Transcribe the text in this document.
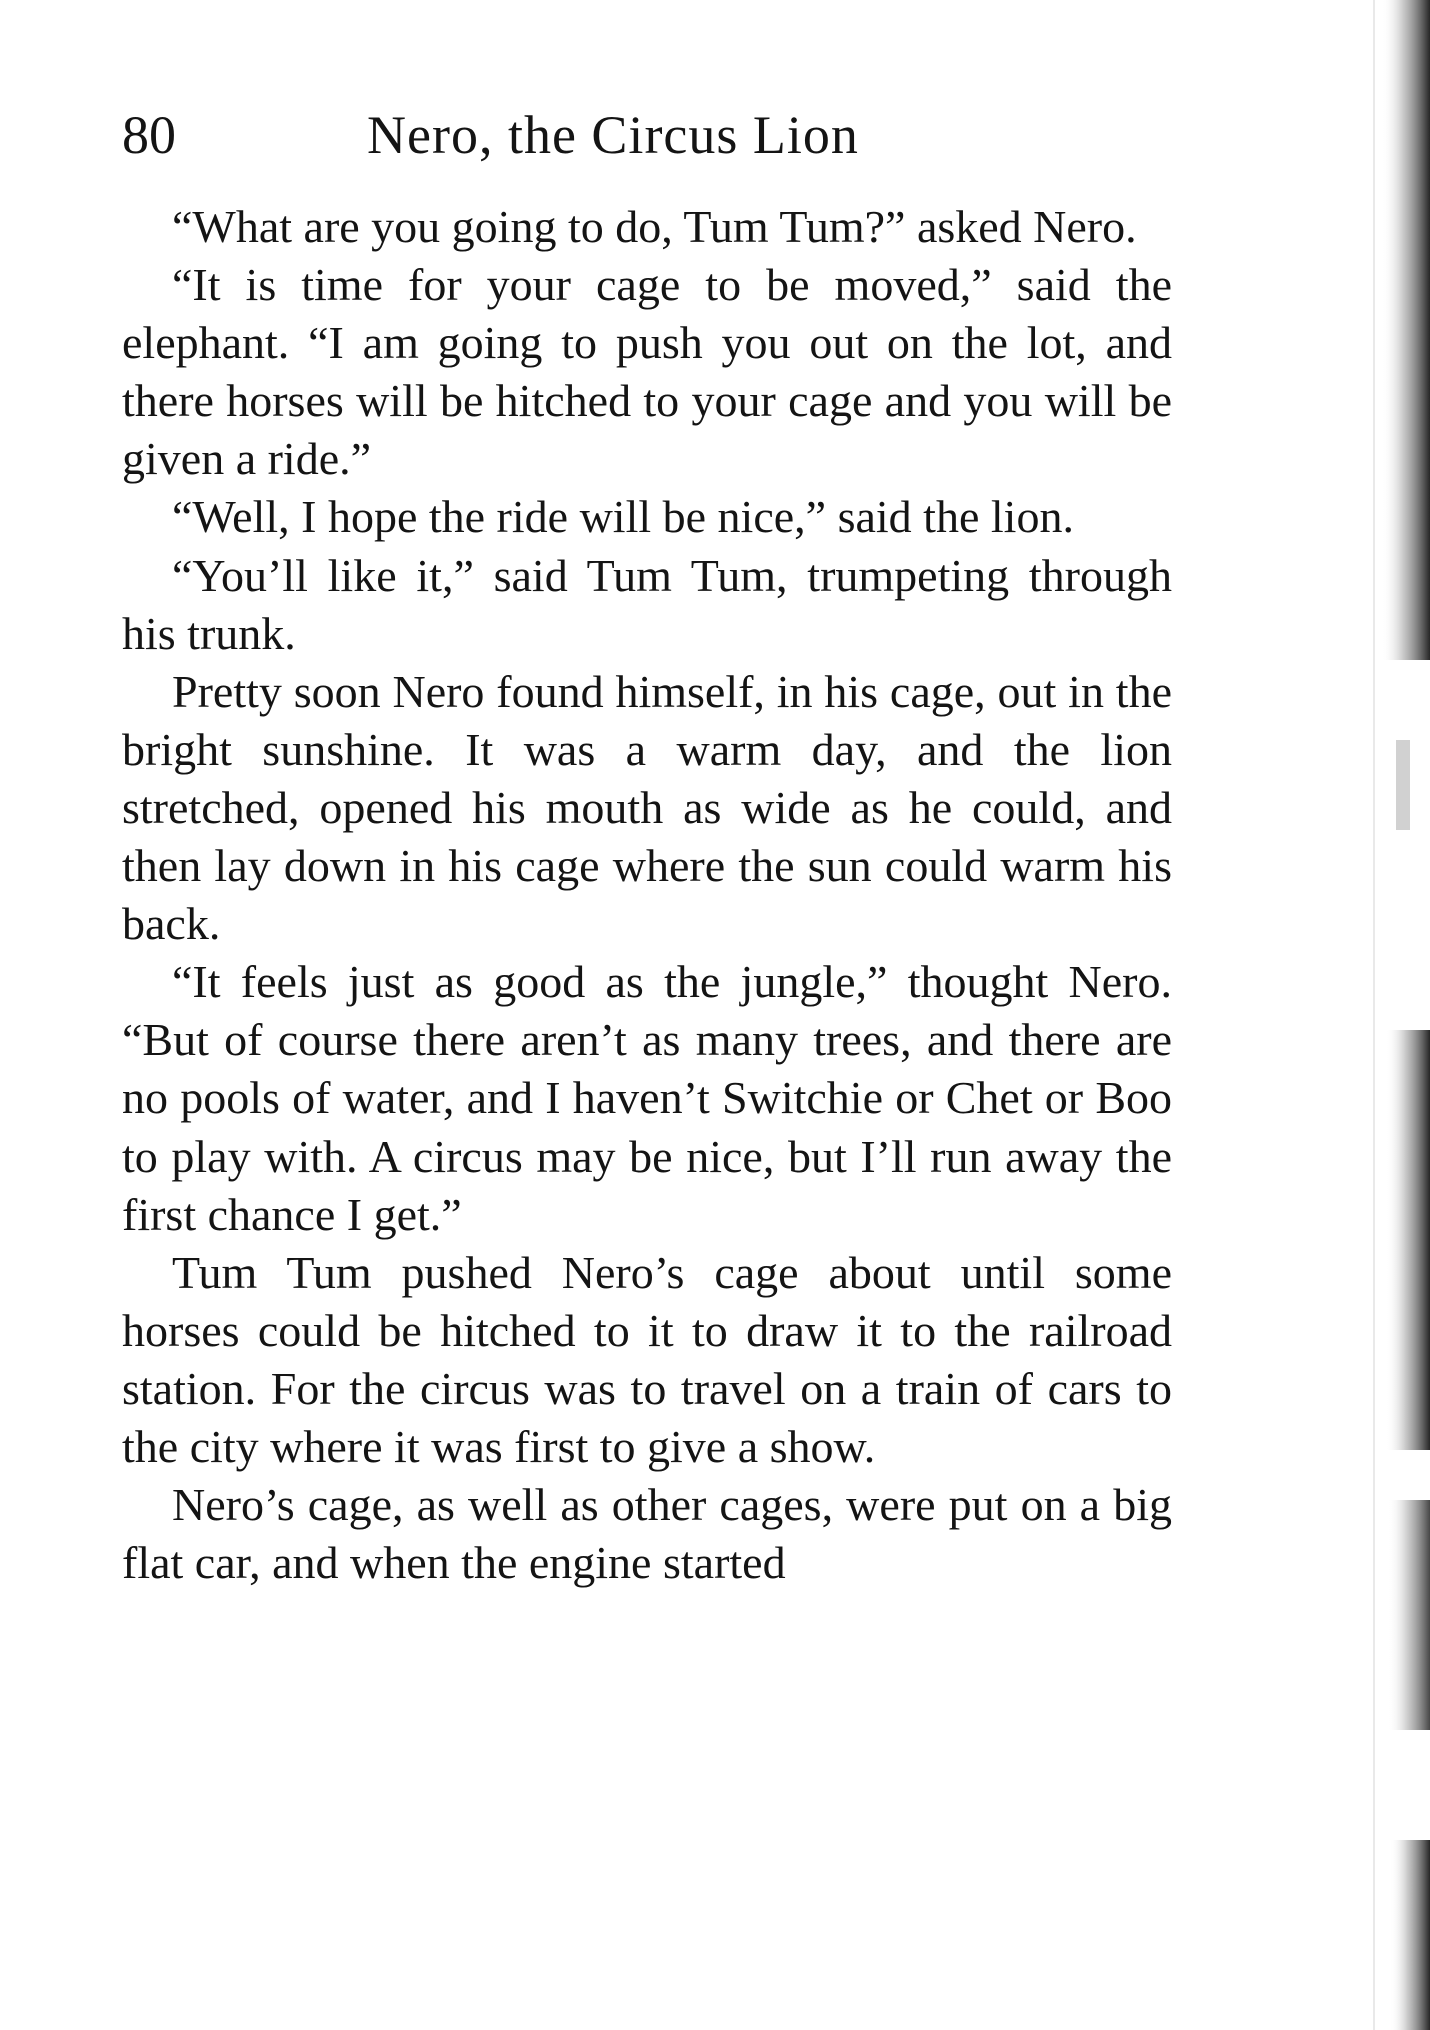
80	Nero, the Circus Lion

“What are you going to do, Tum Tum?” asked Nero.

“It is time for your cage to be moved,” said the elephant. “I am going to push you out on the lot, and there horses will be hitched to your cage and you will be given a ride.”

“Well, I hope the ride will be nice,” said the lion.

“You’ll like it,” said Tum Tum, trumpeting through his trunk.

Pretty soon Nero found himself, in his cage, out in the bright sunshine. It was a warm day, and the lion stretched, opened his mouth as wide as he could, and then lay down in his cage where the sun could warm his back.

“It feels just as good as the jungle,” thought Nero. “But of course there aren’t as many trees, and there are no pools of water, and I haven’t Switchie or Chet or Boo to play with. A circus may be nice, but I’ll run away the first chance I get.”

Tum Tum pushed Nero’s cage about until some horses could be hitched to it to draw it to the railroad station. For the circus was to travel on a train of cars to the city where it was first to give a show.

Nero’s cage, as well as other cages, were put on a big flat car, and when the engine started
